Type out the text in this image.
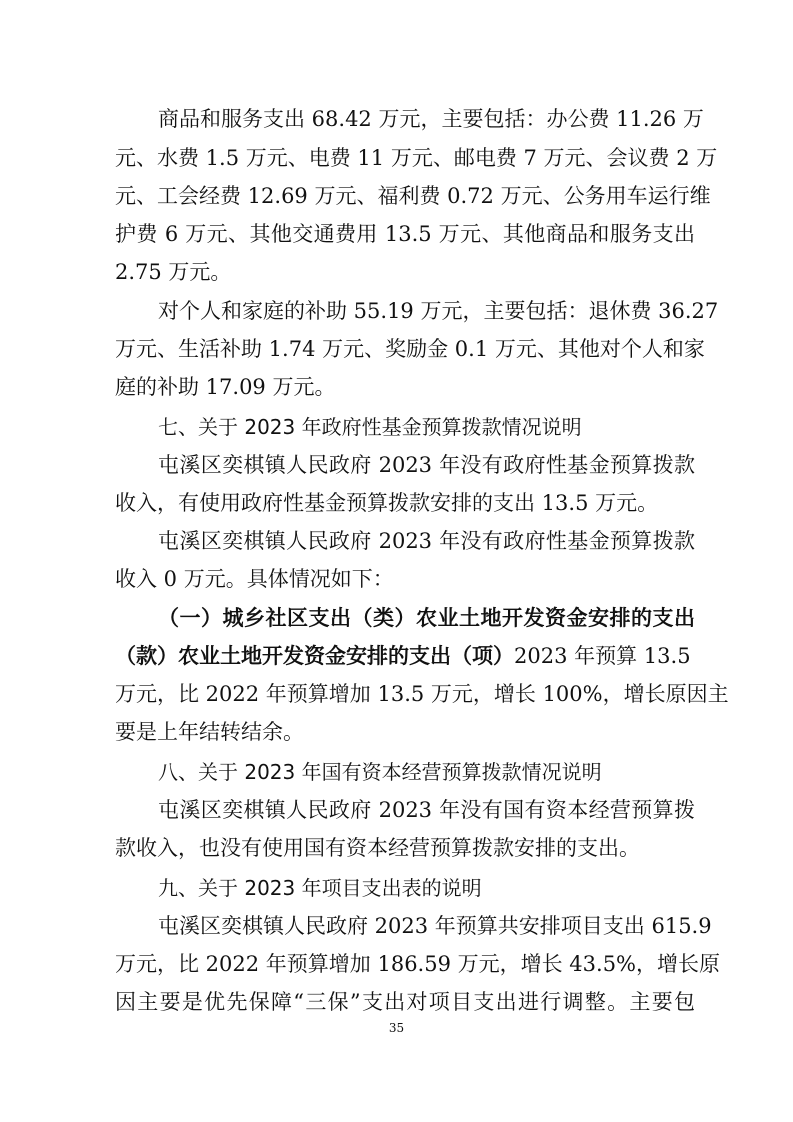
商品和服务支出 68.42 万元，主要包括：办公费 11.26 万
元、水费 1.5 万元、电费 11 万元、邮电费 7 万元、会议费 2 万
元、工会经费 12.69 万元、福利费 0.72 万元、公务用车运行维
护费 6 万元、其他交通费用 13.5 万元、其他商品和服务支出
2.75 万元。
对个人和家庭的补助 55.19 万元，主要包括：退休费 36.27
万元、生活补助 1.74 万元、奖励金 0.1 万元、其他对个人和家
庭的补助 17.09 万元。
七、关于 2023 年政府性基金预算拨款情况说明
屯溪区奕棋镇人民政府 2023 年没有政府性基金预算拨款
收入，有使用政府性基金预算拨款安排的支出 13.5 万元。
屯溪区奕棋镇人民政府 2023 年没有政府性基金预算拨款
收入 0 万元。具体情况如下：
（一）城乡社区支出（类）农业土地开发资金安排的支出
（款）农业土地开发资金安排的支出（项）2023 年预算 13.5
万元，比 2022 年预算增加 13.5 万元，增长 100%，增长原因主
要是上年结转结余。
八、关于 2023 年国有资本经营预算拨款情况说明
屯溪区奕棋镇人民政府 2023 年没有国有资本经营预算拨
款收入，也没有使用国有资本经营预算拨款安排的支出。
九、关于 2023 年项目支出表的说明
屯溪区奕棋镇人民政府 2023 年预算共安排项目支出 615.9
万元，比 2022 年预算增加 186.59 万元，增长 43.5%，增长原
因主要是优先保障“三保”支出对项目支出进行调整。主要包
35
